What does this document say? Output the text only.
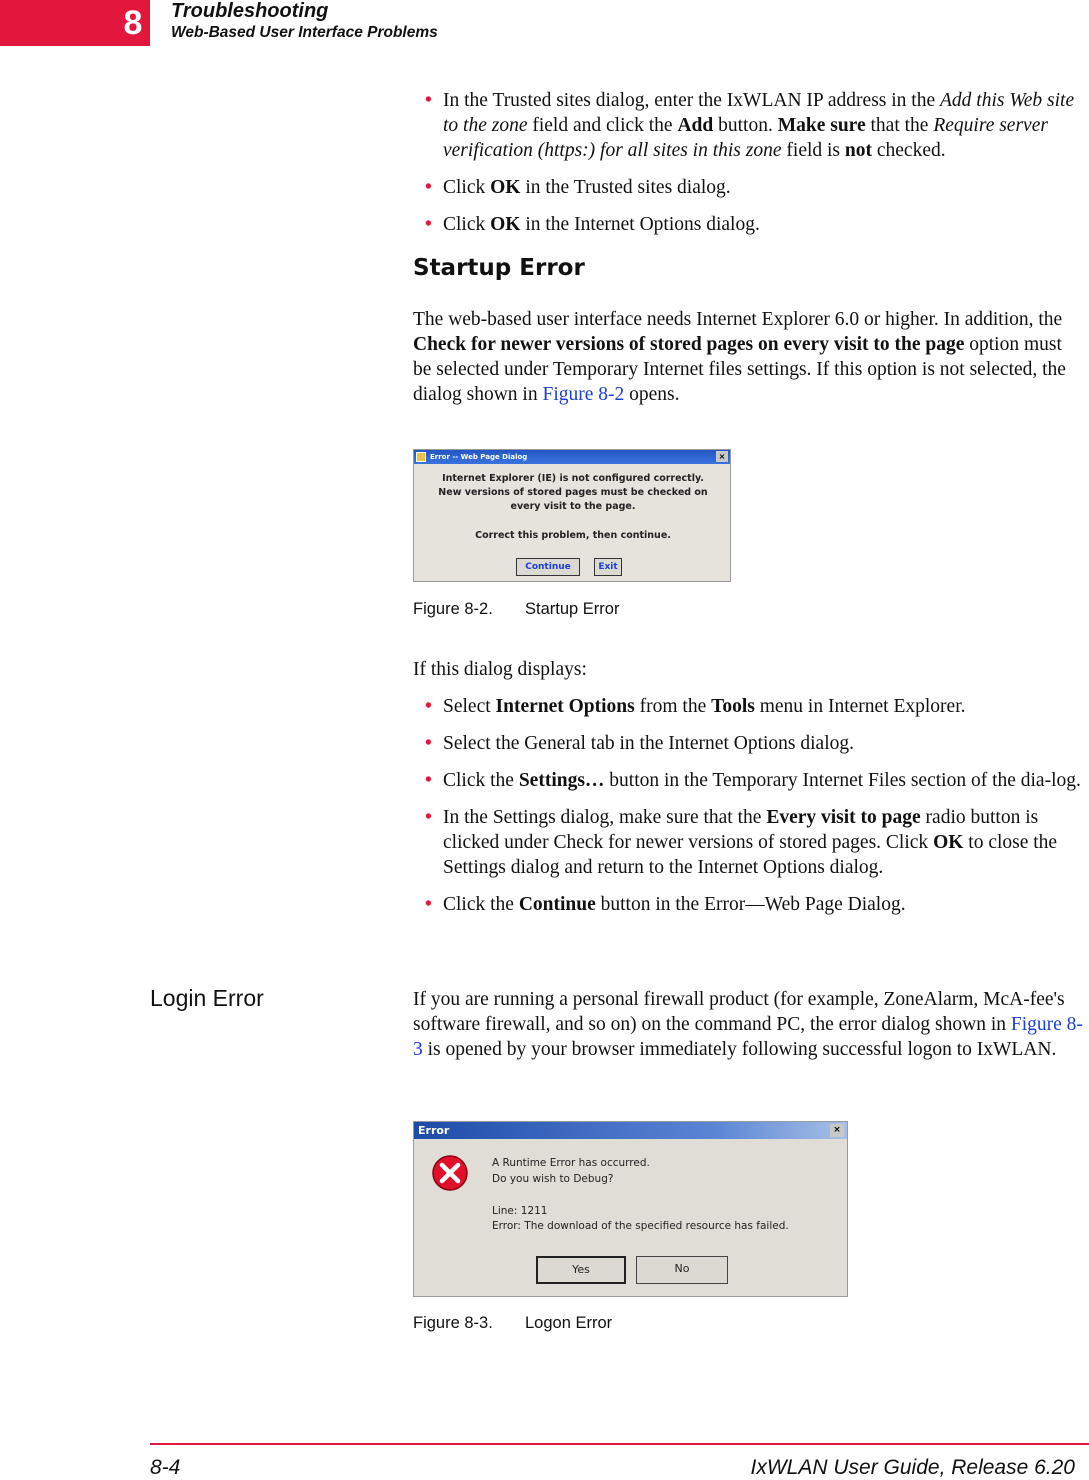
8 Troubleshooting
Web-Based User Interface Problems
• In the Trusted sites dialog, enter the IxWLAN IP address in the Add this Web site to the zone field and click the Add button. Make sure that the Require server verification (https:) for all sites in this zone field is not checked.
• Click OK in the Trusted sites dialog.
• Click OK in the Internet Options dialog.
Startup Error
The web-based user interface needs Internet Explorer 6.0 or higher. In addition, the Check for newer versions of stored pages on every visit to the page option must be selected under Temporary Internet files settings. If this option is not selected, the dialog shown in Figure 8-2 opens.
Error -- Web Page Dialog	×
Internet Explorer (IE) is not configured correctly.
New versions of stored pages must be checked on
every visit to the page.
Correct this problem, then continue.
Continue	Exit
Figure 8-2. Startup Error
If this dialog displays:
• Select Internet Options from the Tools menu in Internet Explorer.
• Select the General tab in the Internet Options dialog.
• Click the Settings… button in the Temporary Internet Files section of the dia-log.
• In the Settings dialog, make sure that the Every visit to page radio button is clicked under Check for newer versions of stored pages. Click OK to close the Settings dialog and return to the Internet Options dialog.
• Click the Continue button in the Error—Web Page Dialog.
Login Error	If you are running a personal firewall product (for example, ZoneAlarm, McA-fee's software firewall, and so on) on the command PC, the error dialog shown in Figure 8-3 is opened by your browser immediately following successful logon to IxWLAN.
Error	×
A Runtime Error has occurred.
Do you wish to Debug?
Line: 1211
Error: The download of the specified resource has failed.
Yes	No
Figure 8-3. Logon Error
8-4	IxWLAN User Guide, Release 6.20
